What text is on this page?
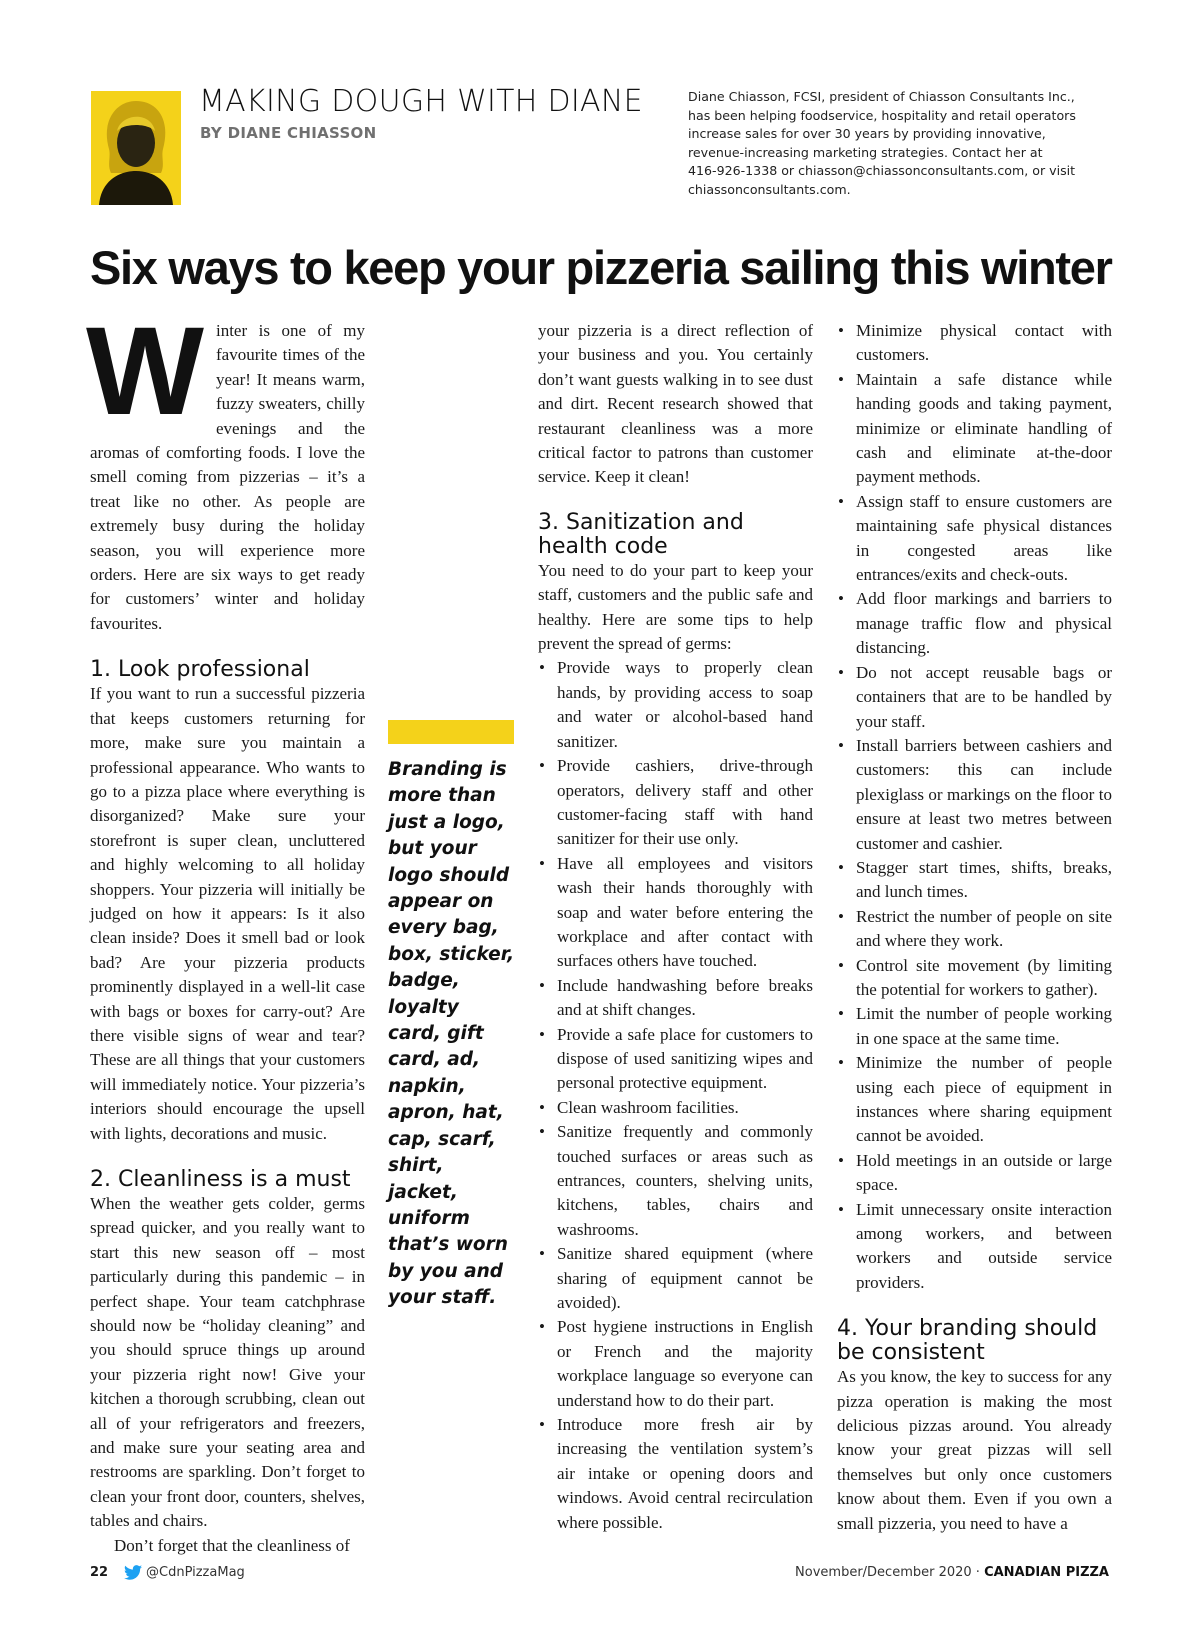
MAKING DOUGH WITH DIANE
BY DIANE CHIASSON
Diane Chiasson, FCSI, president of Chiasson Consultants Inc.,
has been helping foodservice, hospitality and retail operators
increase sales for over 30 years by providing innovative,
revenue-increasing marketing strategies. Contact her at
416-926-1338 or chiasson@chiassonconsultants.com, or visit
chiassonconsultants.com.
Six ways to keep your pizzeria sailing this winter

Winter is one of my favourite times of the year! It means warm, fuzzy sweaters, chilly evenings and the aromas of comforting foods. I love the smell coming from pizzerias – it’s a treat like no other. As people are extremely busy during the holiday season, you will experience more orders. Here are six ways to get ready for customers’ winter and holiday favourites.

1. Look professional

If you want to run a successful pizzeria that keeps customers returning for more, make sure you maintain a professional appearance. Who wants to go to a pizza place where everything is disorganized? Make sure your storefront is super clean, uncluttered and highly welcoming to all holiday shoppers. Your pizzeria will initially be judged on how it appears: Is it also clean inside? Does it smell bad or look bad? Are your pizzeria products prominently displayed in a well-lit case with bags or boxes for carry-out? Are there visible signs of wear and tear? These are all things that your customers will immediately notice. Your pizzeria’s interiors should encourage the upsell with lights, decorations and music.

2. Cleanliness is a must

When the weather gets colder, germs spread quicker, and you really want to start this new season off – most particularly during this pandemic – in perfect shape. Your team catchphrase should now be “holiday cleaning” and you should spruce things up around your pizzeria right now! Give your kitchen a thorough scrubbing, clean out all of your refrigerators and freezers, and make sure your seating area and restrooms are sparkling. Don’t forget to clean your front door, counters, shelves, tables and chairs.

Don’t forget that the cleanliness of

Branding is more than just a logo, but your logo should appear on every bag, box, sticker, badge, loyalty card, gift card, ad, napkin, apron, hat, cap, scarf, shirt, jacket, uniform that’s worn by you and your staff.

your pizzeria is a direct reflection of your business and you. You certainly don’t want guests walking in to see dust and dirt. Recent research showed that restaurant cleanliness was a more critical factor to patrons than customer service. Keep it clean!

3. Sanitization and health code

You need to do your part to keep your staff, customers and the public safe and healthy. Here are some tips to help prevent the spread of germs:

• Provide ways to properly clean hands, by providing access to soap and water or alcohol-based hand sanitizer.
• Provide cashiers, drive-through operators, delivery staff and other customer-facing staff with hand sanitizer for their use only.
• Have all employees and visitors wash their hands thoroughly with soap and water before entering the workplace and after contact with surfaces others have touched.
• Include handwashing before breaks and at shift changes.
• Provide a safe place for customers to dispose of used sanitizing wipes and personal protective equipment.
• Clean washroom facilities.
• Sanitize frequently and commonly touched surfaces or areas such as entrances, counters, shelving units, kitchens, tables, chairs and washrooms.
• Sanitize shared equipment (where sharing of equipment cannot be avoided).
• Post hygiene instructions in English or French and the majority workplace language so everyone can understand how to do their part.
• Introduce more fresh air by increasing the ventilation system’s air intake or opening doors and windows. Avoid central recirculation where possible.
• Minimize physical contact with customers.
• Maintain a safe distance while handing goods and taking payment, minimize or eliminate handling of cash and eliminate at-the-door payment methods.
• Assign staff to ensure customers are maintaining safe physical distances in congested areas like entrances/exits and check-outs.
• Add floor markings and barriers to manage traffic flow and physical distancing.
• Do not accept reusable bags or containers that are to be handled by your staff.
• Install barriers between cashiers and customers: this can include plexiglass or markings on the floor to ensure at least two metres between customer and cashier.
• Stagger start times, shifts, breaks, and lunch times.
• Restrict the number of people on site and where they work.
• Control site movement (by limiting the potential for workers to gather).
• Limit the number of people working in one space at the same time.
• Minimize the number of people using each piece of equipment in instances where sharing equipment cannot be avoided.
• Hold meetings in an outside or large space.
• Limit unnecessary onsite interaction among workers, and between workers and outside service providers.
4. Your branding should be consistent

As you know, the key to success for any pizza operation is making the most delicious pizzas around. You already know your great pizzas will sell themselves but only once customers know about them. Even if you own a small pizzeria, you need to have a

22	@CdnPizzaMag	November/December 2020 · CANADIAN PIZZA
